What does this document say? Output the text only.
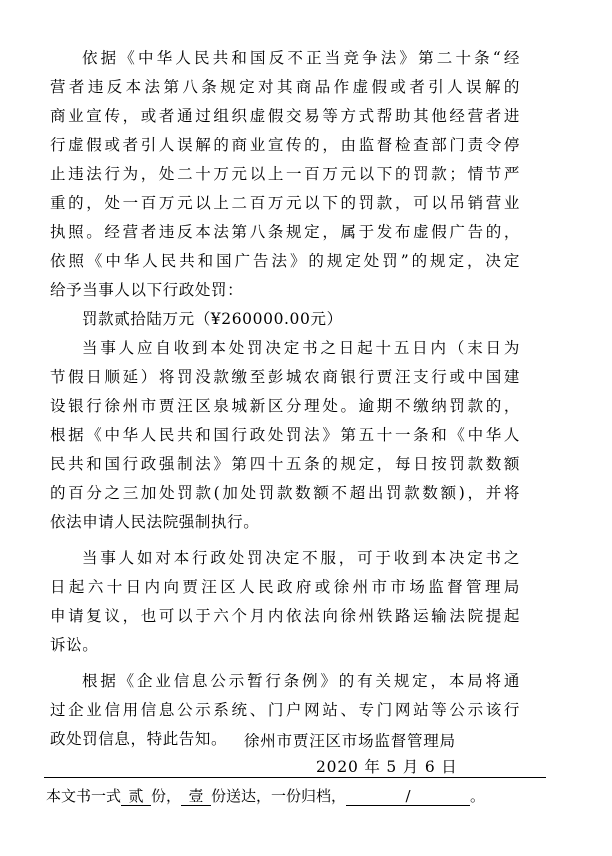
依据《中华人民共和国反不正当竞争法》第二十条“经
营者违反本法第八条规定对其商品作虚假或者引人误解的
商业宣传，或者通过组织虚假交易等方式帮助其他经营者进
行虚假或者引人误解的商业宣传的，由监督检查部门责令停
止违法行为，处二十万元以上一百万元以下的罚款；情节严
重的，处一百万元以上二百万元以下的罚款，可以吊销营业
执照。经营者违反本法第八条规定，属于发布虚假广告的，
依照《中华人民共和国广告法》的规定处罚”的规定，决定
给予当事人以下行政处罚：
罚款贰拾陆万元（¥260000.00元）
当事人应自收到本处罚决定书之日起十五日内（末日为
节假日顺延）将罚没款缴至彭城农商银行贾汪支行或中国建
设银行徐州市贾汪区泉城新区分理处。逾期不缴纳罚款的，
根据《中华人民共和国行政处罚法》第五十一条和《中华人
民共和国行政强制法》第四十五条的规定，每日按罚款数额
的百分之三加处罚款(加处罚款数额不超出罚款数额)，并将
依法申请人民法院强制执行。
当事人如对本行政处罚决定不服，可于收到本决定书之
日起六十日内向贾汪区人民政府或徐州市市场监督管理局
申请复议，也可以于六个月内依法向徐州铁路运输法院提起
诉讼。
根据《企业信息公示暂行条例》的有关规定，本局将通
过企业信用信息公示系统、门户网站、专门网站等公示该行
政处罚信息，特此告知。	徐州市贾汪区市场监督管理局
2020 年 5 月 6 日
本文书一式 贰 份， 壹 份送达，一份归档，	/	。
